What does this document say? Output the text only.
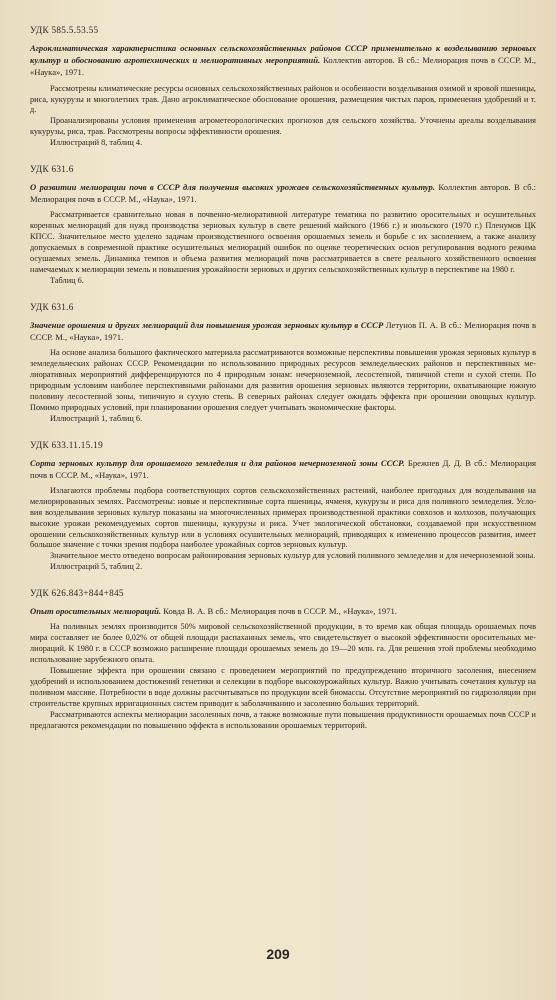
УДК 585.5.53.55
Агроклиматическая характеристика основных сельскохозяйственных районов СССР применительно к возделыванию зерновых культур и обоснованию агротехнических и мелиоративных мероприятий. Коллектив авторов. В сб.: Мелиорация почв в СССР. М., «Наука», 1971.

Рассмотрены климатические ресурсы основных сельскохозяйственных районов и особенности возделывания озимой и яровой пшеницы, риса, кукурузы и многолетних трав. Дано агроклиматическое обоснование орошения, размещения чистых паров, применения удобрений и т. д.

Проанализированы условия применения агрометеорологических прогнозов для сельского хозяйства. Уточнены ареалы возделывания кукурузы, риса, трав. Рассмотрены вопросы эффективности орошения.

Иллюстраций 8, таблиц 4.

УДК 631.6
О развитии мелиорации почв в СССР для получения высоких урожаев сельскохозяйственных культур. Коллектив авторов. В сб.: Мелиорация почв в СССР. М., «Наука», 1971.

Рассматривается сравнительно новая в почвенно-мелиоративной литературе тематика по развитию оросительных и осушительных коренных мелиораций для нужд производства зерновых культур в свете решений майского (1966 г.) и июльского (1970 г.) Пленумов ЦК КПСС. Значительное место уделено задачам производственного освоения орошаемых земель и борьбе с их засолением, а также анализу допускаемых в современной практике осушительных мелиораций ошибок по оценке теоретических основ регулирования водного режима осушаемых земель. Динамика темпов и объема развития мелиораций почв рассматривается в свете реального хозяйственного освоения намечаемых к мелиорации земель и повышения урожайности зерновых и других сельскохозяйственных культур в перспективе на 1980 г.

Таблиц 6.

УДК 631.6
Значение орошения и других мелиораций для повышения урожая зерновых культур в СССР Летунов П. А. В сб.: Мелиорация почв в СССР. М., «Наука», 1971.

На основе анализа большого фактического материала рассматриваются возможные перспективы повышения урожая зерновых культур в земледельческих районах СССР. Рекомендации по использованию природных ресурсов земледельческих районов и перспективных мелиоративных мероприятий дифференцируются по 4 природным зонам: нечерноземной, лесостепной, типичной степи и сухой степи. По природным условиям наиболее перспективными районами для развития орошения зерновых являются территории, охватывающие южную половину лесостепной зоны, типичную и сухую степь. В северных районах следует ожидать эффекта при орошении овощных культур. Помимо природных условий, при планировании орошения следует учитывать экономические факторы.

Иллюстраций 1, таблиц 6.

УДК 633.11.15.19
Сорта зерновых культур для орошаемого земледелия и для районов нечерноземной зоны СССР. Брежнев Д. Д. В сб.: Мелиорация почв в СССР. М., «Наука», 1971.

Излагаются проблемы подбора соответствующих сортов сельскохозяйственных растений, наиболее пригодных для возделывания на мелиорированных землях. Рассмотрены: новые и перспективные сорта пшеницы, ячменя, кукурузы и риса для поливного земледелия. Условия возделывания зерновых культур показаны на многочисленных примерах производственной практики совхозов и колхозов, получающих высокие урожаи рекомендуемых сортов пшеницы, кукурузы и риса. Учет экологической обстановки, создаваемой при искусственном орошении сельскохозяйственных культур или в условиях осушительных мелиораций, приводящих к изменению процессов развития, имеет большое значение с точки зрения подбора наиболее урожайных сортов зерновых культур.

Значительное место отведено вопросам районирования зерновых культур для условий поливного земледелия и для нечерноземной зоны.

Иллюстраций 5, таблиц 2.

УДК 626.843+844+845
Опыт оросительных мелиораций. Ковда В. А. В сб.: Мелиорация почв в СССР. М., «Наука», 1971.

На поливных землях производится 50% мировой сельскохозяйственной продукции, в то время как общая площадь орошаемых почв мира составляет не более 0,02% от общей площади распаханных земель, что свидетельствует о высокой эффективности оросительных мелиораций. К 1980 г. в СССР возможно расширение площади орошаемых земель до 19—20 млн. га. Для решения этой проблемы необходимо использование зарубежного опыта.

Повышение эффекта при орошении связано с проведением мероприятий по предупреждению вторичного засоления, внесением удобрений и использованием достижений генетики и селекции в подборе высокоурожайных культур. Важно учитывать сочетания культур на поливном массиве. Потребности в воде должны рассчитываться по продукции всей биомассы. Отсутствие мероприятий по гидрозоляции при строительстве крупных ирригационных систем приводит к заболачиванию и засолению больших территорий.

Рассматриваются аспекты мелиорации засоленных почв, а также возможные пути повышения продуктивности орошаемых почв СССР и предлагаются рекомендации по повышению эффекта в использовании орошаемых территорий.

209
